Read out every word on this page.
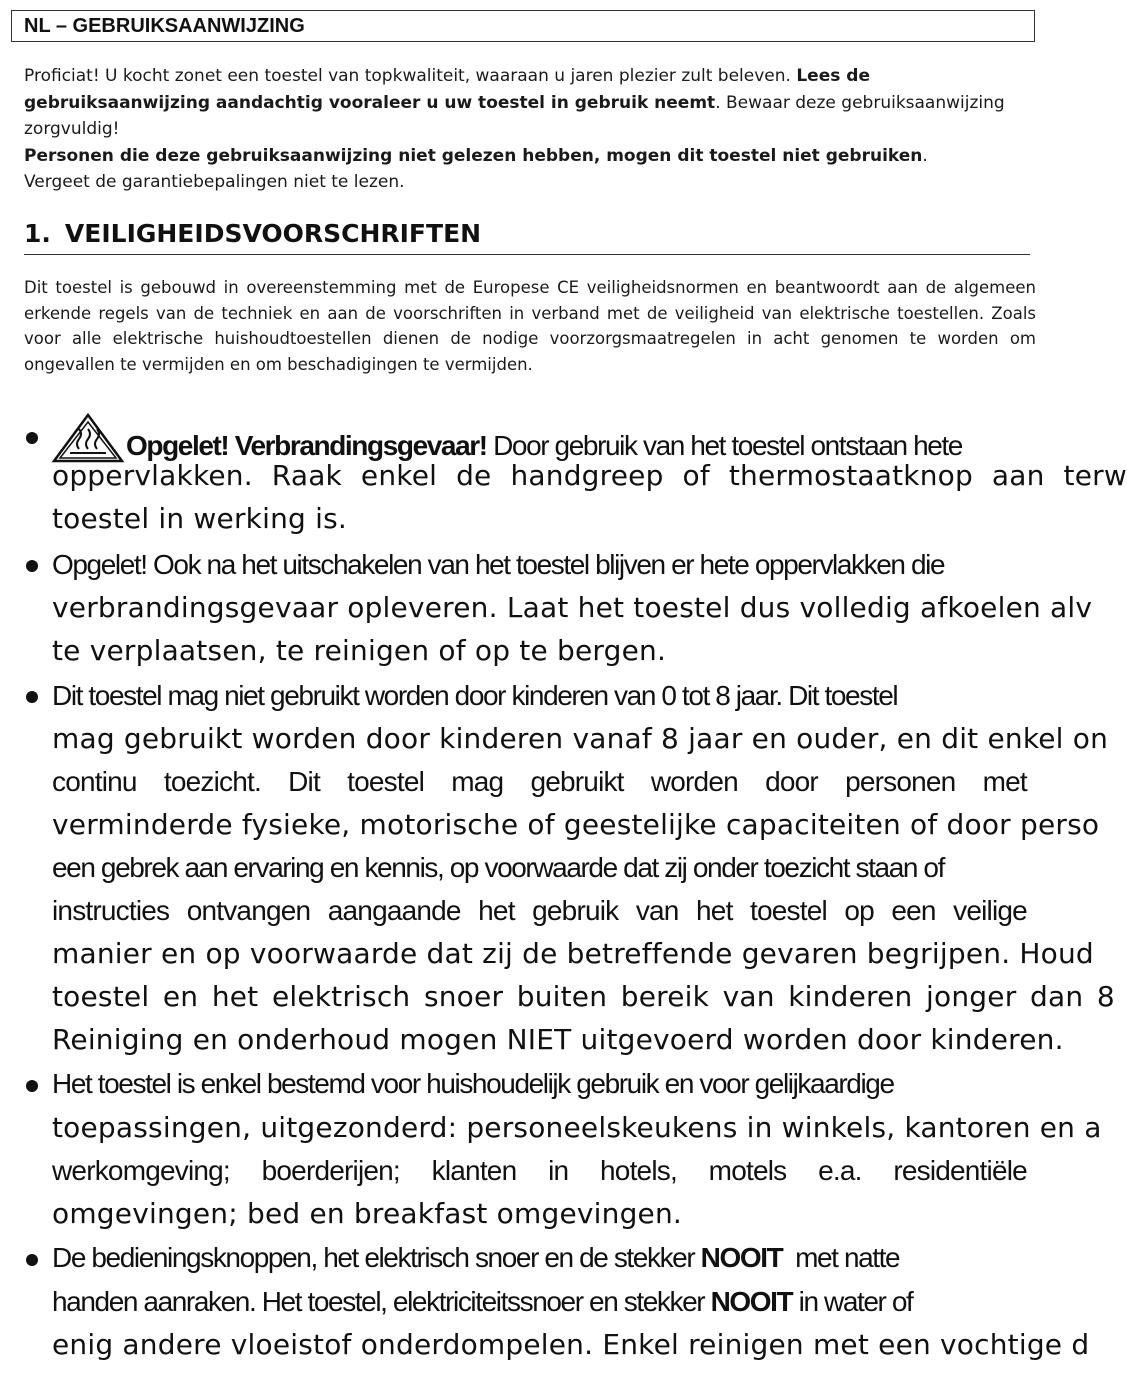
NL – GEBRUIKSAANWIJZING

Proficiat! U kocht zonet een toestel van topkwaliteit, waaraan u jaren plezier zult beleven. Lees de gebruiksaanwijzing aandachtig vooraleer u uw toestel in gebruik neemt. Bewaar deze gebruiksaanwijzing zorgvuldig!

Personen die deze gebruiksaanwijzing niet gelezen hebben, mogen dit toestel niet gebruiken.

Vergeet de garantiebepalingen niet te lezen.

1. VEILIGHEIDSVOORSCHRIFTEN
Dit toestel is gebouwd in overeenstemming met de Europese CE veiligheidsnormen en beantwoordt aan de algemeen erkende regels van de techniek en aan de voorschriften in verband met de veiligheid van elektrische toestellen. Zoals voor alle elektrische huishoudtoestellen dienen de nodige voorzorgsmaatregelen in acht genomen te worden om ongevallen te vermijden en om beschadigingen te vermijden.
Opgelet! Verbrandingsgevaar! Door gebruik van het toestel ontstaan hete
oppervlakken. Raak enkel de handgreep of thermostaatknop aan terw
toestel in werking is.
Opgelet! Ook na het uitschakelen van het toestel blijven er hete oppervlakken die
verbrandingsgevaar opleveren. Laat het toestel dus volledig afkoelen alv
te verplaatsen, te reinigen of op te bergen.
Dit toestel mag niet gebruikt worden door kinderen van 0 tot 8 jaar. Dit toestel
mag gebruikt worden door kinderen vanaf 8 jaar en ouder, en dit enkel on
continu toezicht. Dit toestel mag gebruikt worden door personen met
verminderde fysieke, motorische of geestelijke capaciteiten of door perso
een gebrek aan ervaring en kennis, op voorwaarde dat zij onder toezicht staan of
instructies ontvangen aangaande het gebruik van het toestel op een veilige
manier en op voorwaarde dat zij de betreffende gevaren begrijpen. Houd
toestel en het elektrisch snoer buiten bereik van kinderen jonger dan 8
Reiniging en onderhoud mogen NIET uitgevoerd worden door kinderen.
Het toestel is enkel bestemd voor huishoudelijk gebruik en voor gelijkaardige
toepassingen, uitgezonderd: personeelskeukens in winkels, kantoren en a
werkomgeving; boerderijen; klanten in hotels, motels e.a. residentiële
omgevingen; bed en breakfast omgevingen.
De bedieningsknoppen, het elektrisch snoer en de stekker NOOIT  met natte
handen aanraken. Het toestel, elektriciteitssnoer en stekker NOOIT in water of
enig andere vloeistof onderdompelen. Enkel reinigen met een vochtige d
